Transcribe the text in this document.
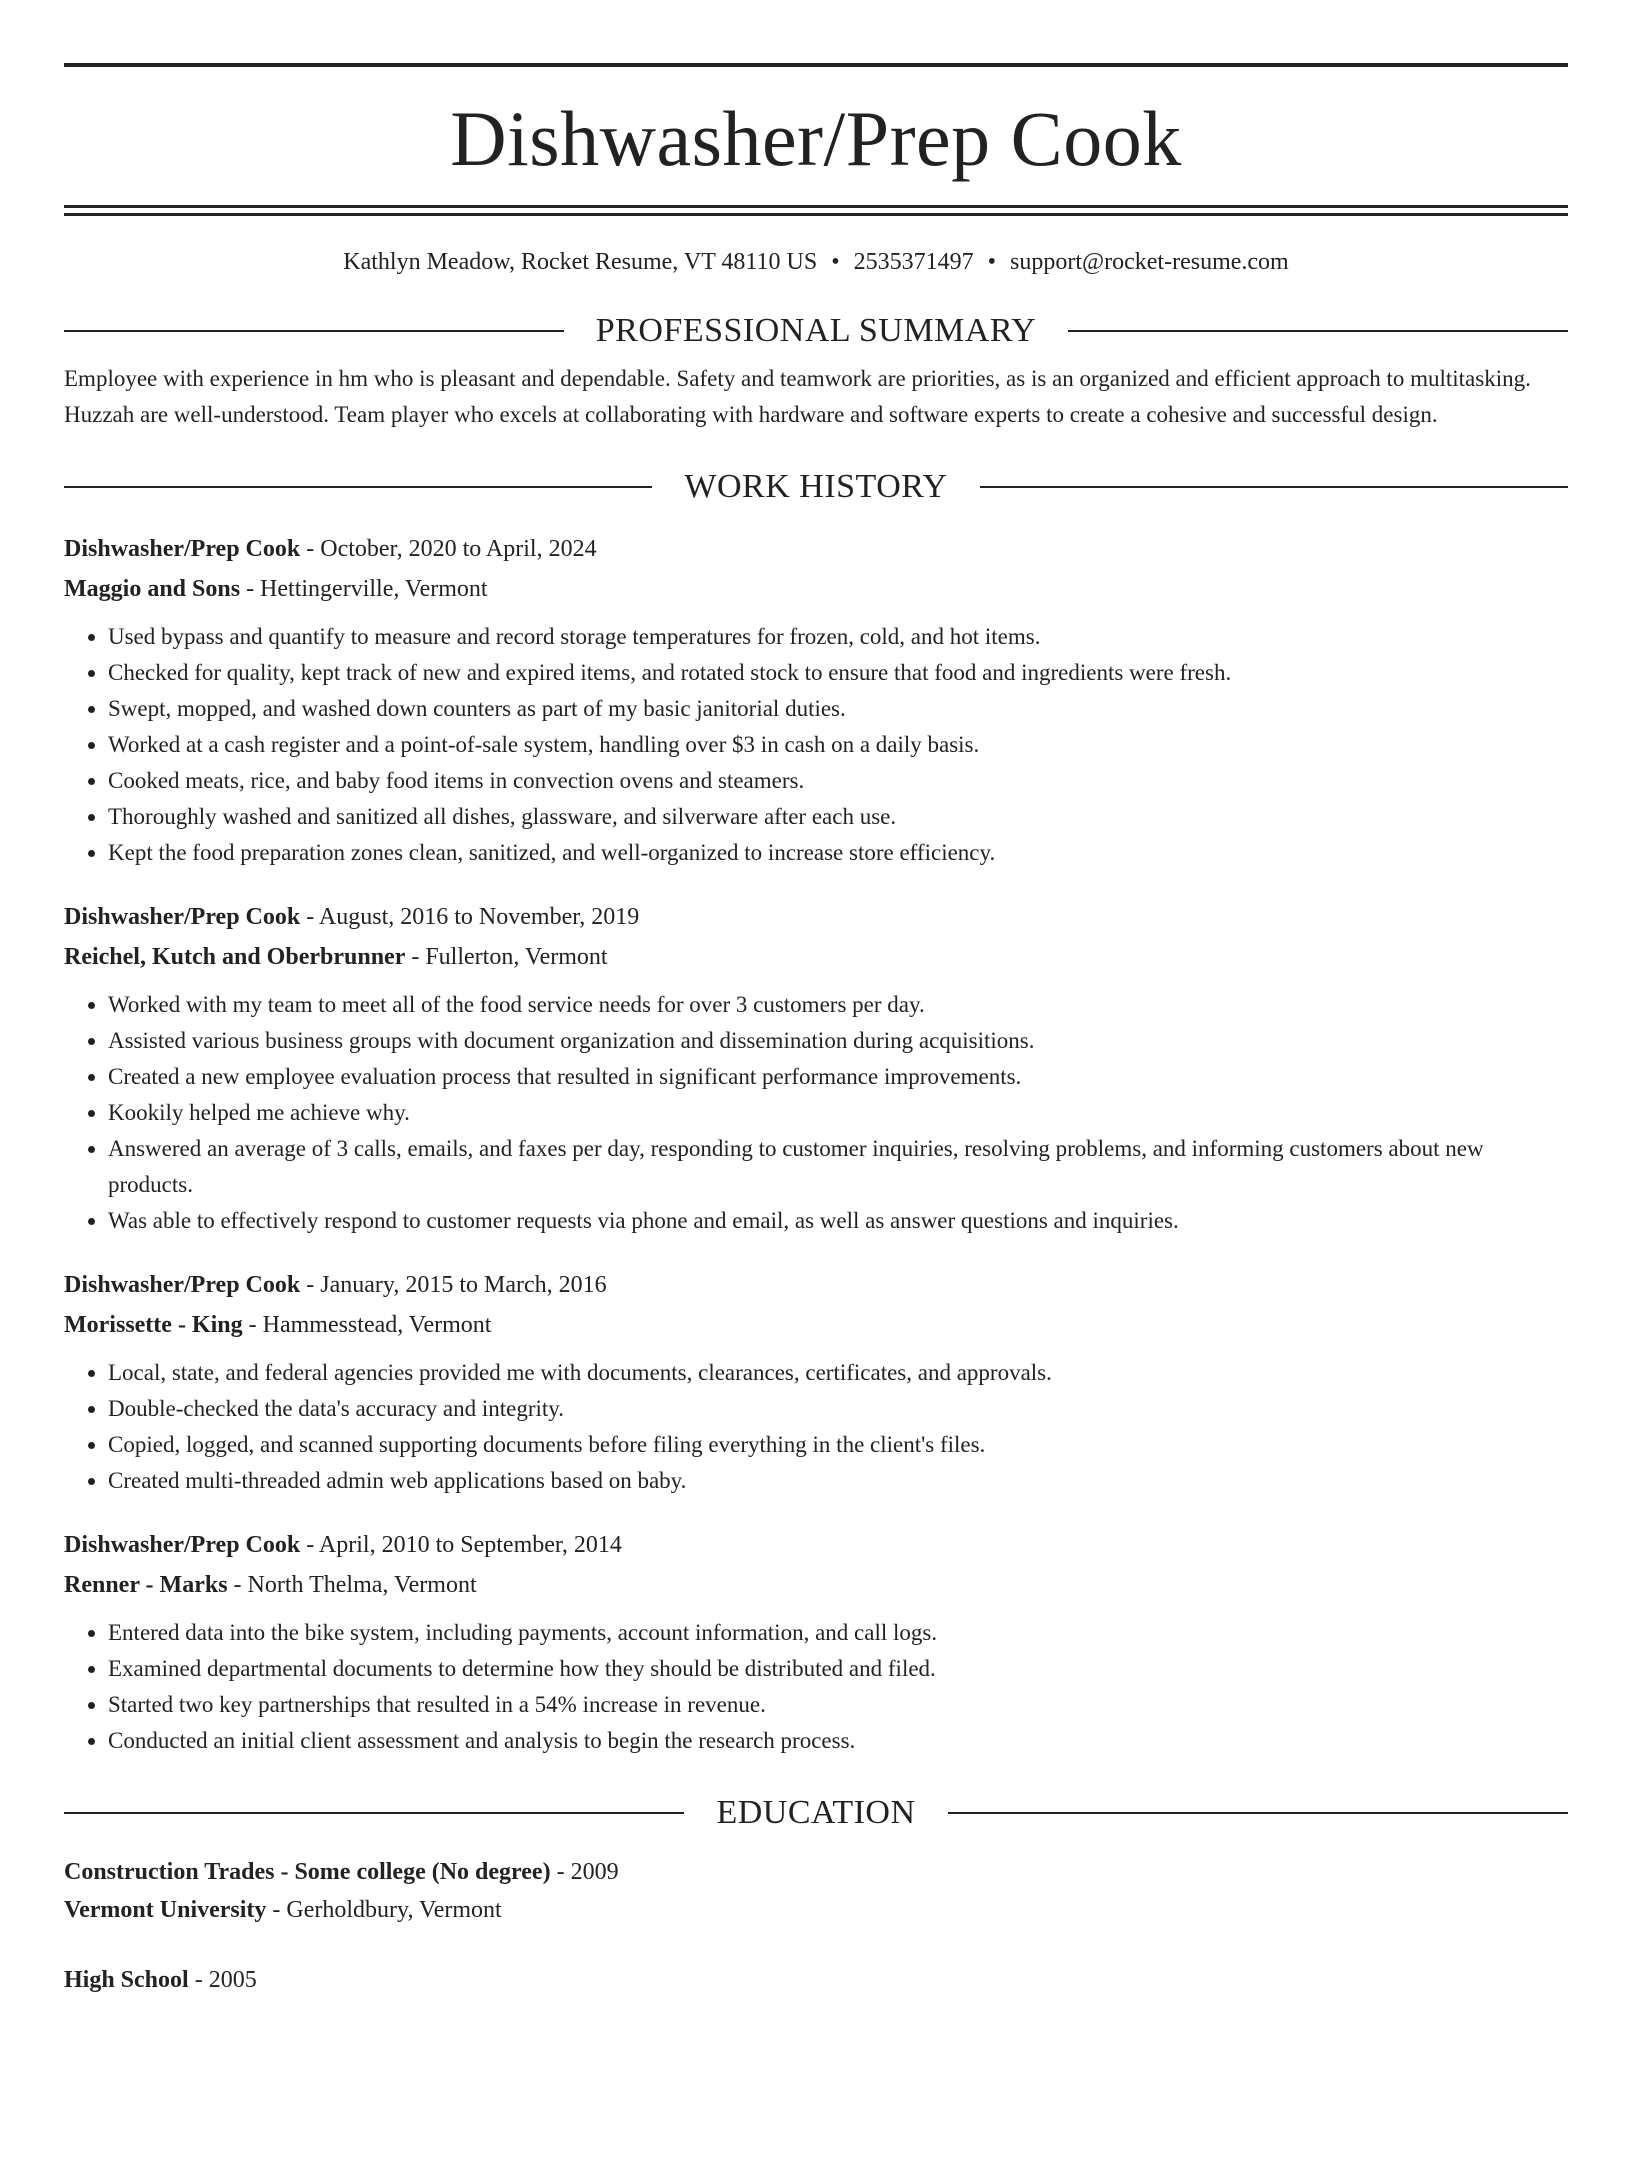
Dishwasher/Prep Cook
Kathlyn Meadow, Rocket Resume, VT 48110 US • 2535371497 • support@rocket-resume.com
PROFESSIONAL SUMMARY
Employee with experience in hm who is pleasant and dependable. Safety and teamwork are priorities, as is an organized and efficient approach to multitasking. Huzzah are well-understood. Team player who excels at collaborating with hardware and software experts to create a cohesive and successful design.
WORK HISTORY
Dishwasher/Prep Cook - October, 2020 to April, 2024
Maggio and Sons - Hettingerville, Vermont
• Used bypass and quantify to measure and record storage temperatures for frozen, cold, and hot items.
• Checked for quality, kept track of new and expired items, and rotated stock to ensure that food and ingredients were fresh.
• Swept, mopped, and washed down counters as part of my basic janitorial duties.
• Worked at a cash register and a point-of-sale system, handling over $3 in cash on a daily basis.
• Cooked meats, rice, and baby food items in convection ovens and steamers.
• Thoroughly washed and sanitized all dishes, glassware, and silverware after each use.
• Kept the food preparation zones clean, sanitized, and well-organized to increase store efficiency.
Dishwasher/Prep Cook - August, 2016 to November, 2019
Reichel, Kutch and Oberbrunner - Fullerton, Vermont
• Worked with my team to meet all of the food service needs for over 3 customers per day.
• Assisted various business groups with document organization and dissemination during acquisitions.
• Created a new employee evaluation process that resulted in significant performance improvements.
• Kookily helped me achieve why.
• Answered an average of 3 calls, emails, and faxes per day, responding to customer inquiries, resolving problems, and informing customers about new products.
• Was able to effectively respond to customer requests via phone and email, as well as answer questions and inquiries.
Dishwasher/Prep Cook - January, 2015 to March, 2016
Morissette - King - Hammesstead, Vermont
• Local, state, and federal agencies provided me with documents, clearances, certificates, and approvals.
• Double-checked the data's accuracy and integrity.
• Copied, logged, and scanned supporting documents before filing everything in the client's files.
• Created multi-threaded admin web applications based on baby.
Dishwasher/Prep Cook - April, 2010 to September, 2014
Renner - Marks - North Thelma, Vermont
• Entered data into the bike system, including payments, account information, and call logs.
• Examined departmental documents to determine how they should be distributed and filed.
• Started two key partnerships that resulted in a 54% increase in revenue.
• Conducted an initial client assessment and analysis to begin the research process.
EDUCATION
Construction Trades - Some college (No degree) - 2009
Vermont University - Gerholdbury, Vermont
High School - 2005
